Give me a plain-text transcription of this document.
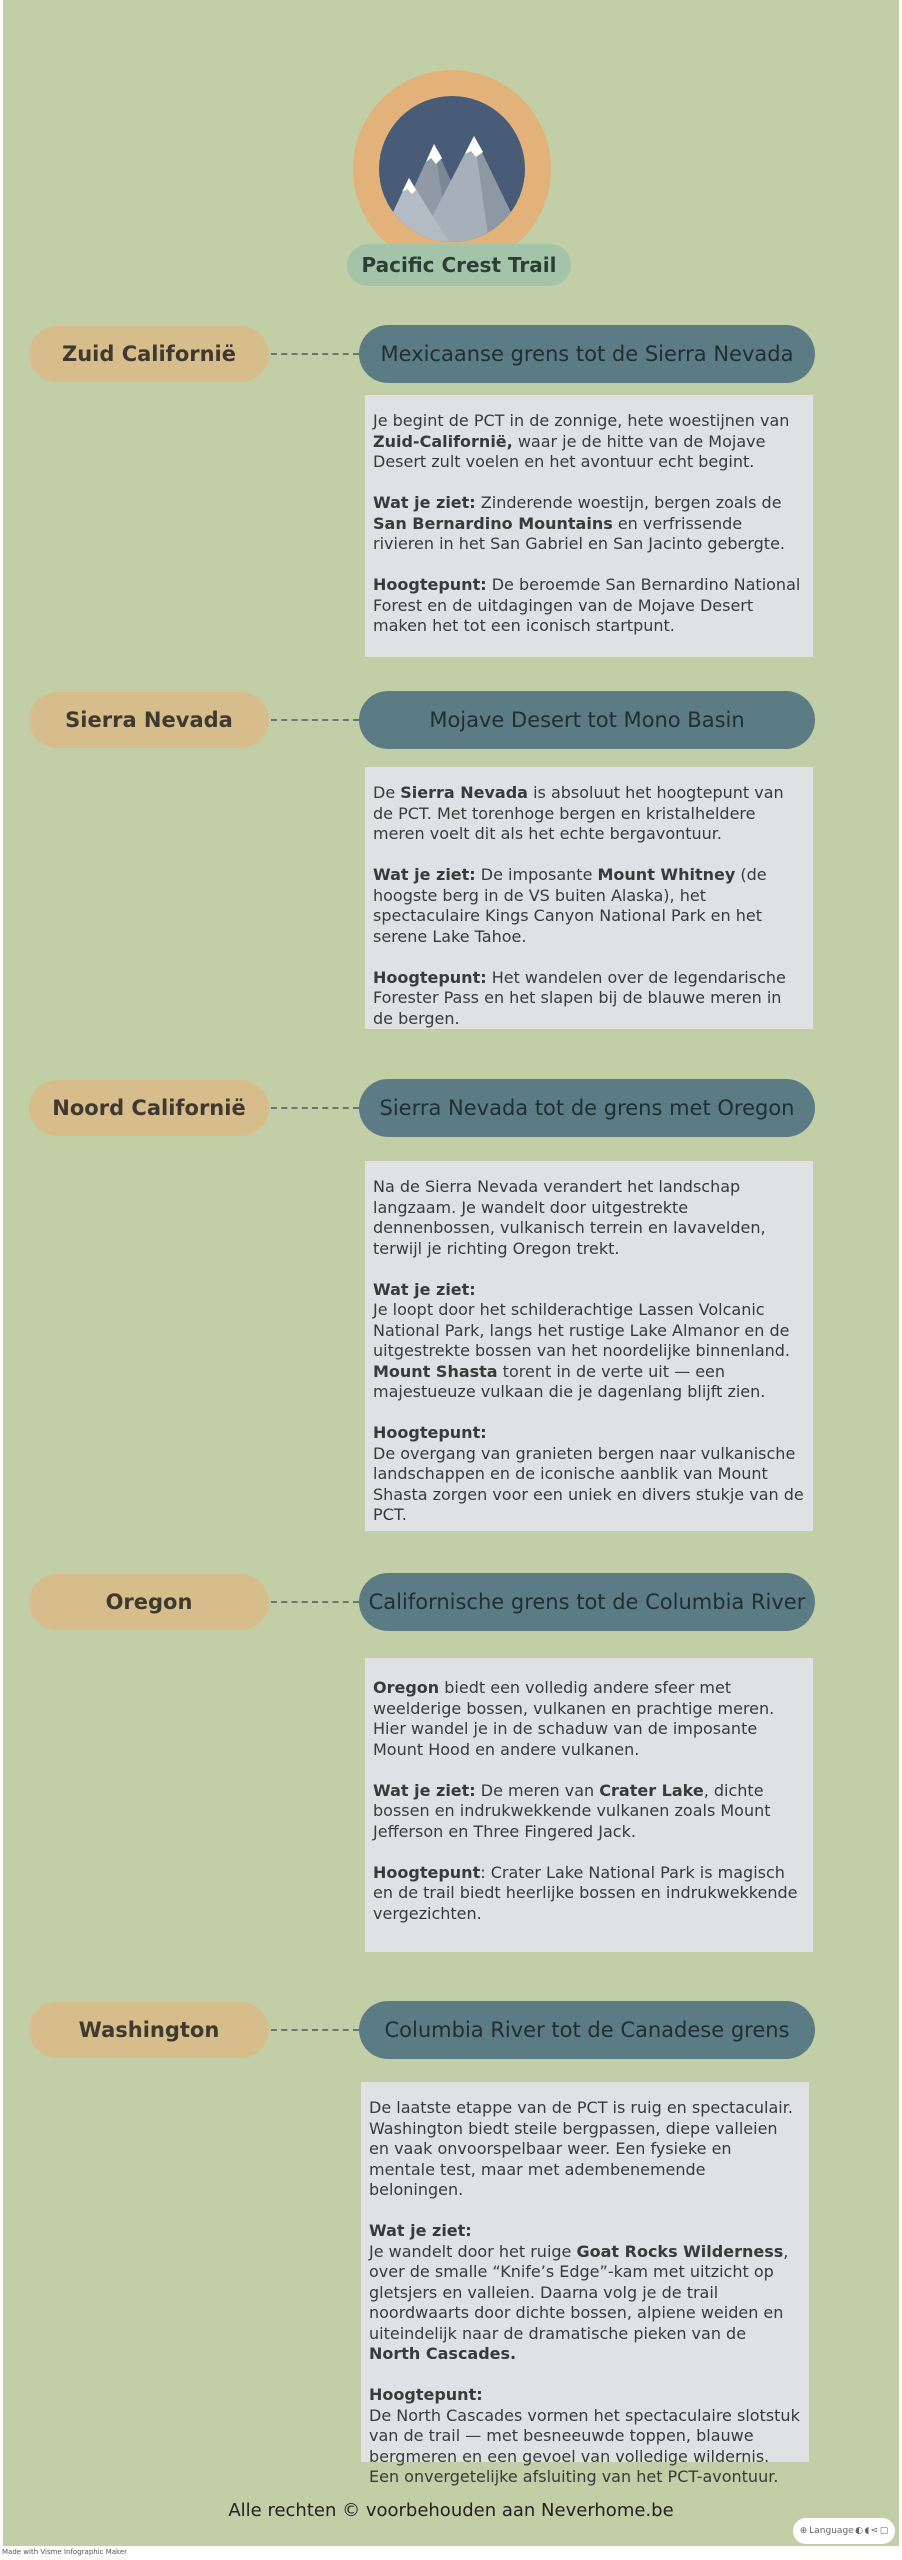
Pacific Crest Trail
Zuid Californië	Mexicaanse grens tot de Sierra Nevada

Je begint de PCT in de zonnige, hete woestijnen van Zuid-Californië, waar je de hitte van de Mojave Desert zult voelen en het avontuur echt begint.

Wat je ziet: Zinderende woestijn, bergen zoals de San Bernardino Mountains en verfrissende rivieren in het San Gabriel en San Jacinto gebergte.

Hoogtepunt: De beroemde San Bernardino National Forest en de uitdagingen van de Mojave Desert maken het tot een iconisch startpunt.

Sierra Nevada	Mojave Desert tot Mono Basin

De Sierra Nevada is absoluut het hoogtepunt van de PCT. Met torenhoge bergen en kristalheldere meren voelt dit als het echte bergavontuur.

Wat je ziet: De imposante Mount Whitney (de hoogste berg in de VS buiten Alaska), het spectaculaire Kings Canyon National Park en het serene Lake Tahoe.

Hoogtepunt: Het wandelen over de legendarische Forester Pass en het slapen bij de blauwe meren in de bergen.

Noord Californië	Sierra Nevada tot de grens met Oregon

Na de Sierra Nevada verandert het landschap langzaam. Je wandelt door uitgestrekte dennenbossen, vulkanisch terrein en lavavelden, terwijl je richting Oregon trekt.

Wat je ziet:
Je loopt door het schilderachtige Lassen Volcanic National Park, langs het rustige Lake Almanor en de uitgestrekte bossen van het noordelijke binnenland. Mount Shasta torent in de verte uit — een majestueuze vulkaan die je dagenlang blijft zien.

Hoogtepunt:
De overgang van granieten bergen naar vulkanische landschappen en de iconische aanblik van Mount Shasta zorgen voor een uniek en divers stukje van de PCT.

Oregon	Californische grens tot de Columbia River

Oregon biedt een volledig andere sfeer met weelderige bossen, vulkanen en prachtige meren. Hier wandel je in de schaduw van de imposante Mount Hood en andere vulkanen.

Wat je ziet: De meren van Crater Lake, dichte bossen en indrukwekkende vulkanen zoals Mount Jefferson en Three Fingered Jack.

Hoogtepunt: Crater Lake National Park is magisch en de trail biedt heerlijke bossen en indrukwekkende vergezichten.

Washington	Columbia River tot de Canadese grens

De laatste etappe van de PCT is ruig en spectaculair. Washington biedt steile bergpassen, diepe valleien en vaak onvoorspelbaar weer. Een fysieke en mentale test, maar met adembenemende beloningen.

Wat je ziet:
Je wandelt door het ruige Goat Rocks Wilderness, over de smalle “Knife’s Edge”-kam met uitzicht op gletsjers en valleien. Daarna volg je de trail noordwaarts door dichte bossen, alpiene weiden en uiteindelijk naar de dramatische pieken van de North Cascades.

Hoogtepunt:
De North Cascades vormen het spectaculaire slotstuk van de trail — met besneeuwde toppen, blauwe bergmeren en een gevoel van volledige wildernis. Een onvergetelijke afsluiting van het PCT-avontuur.

Alle rechten © voorbehouden aan Neverhome.be
⊕ Language ◐ ◖ ⋖ ▢
Made with Visme Infographic Maker
